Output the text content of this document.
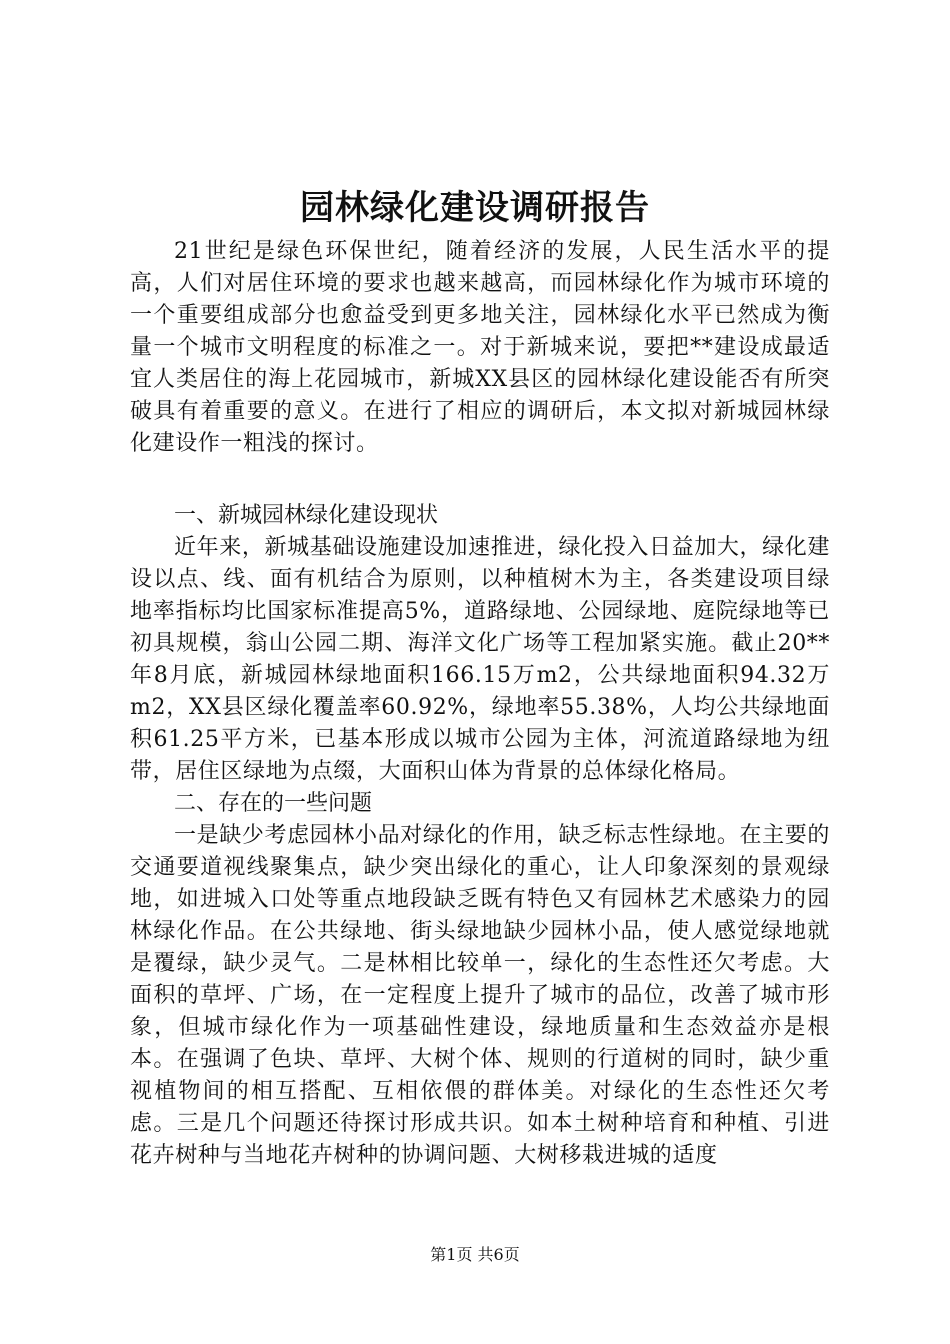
园林绿化建设调研报告

21世纪是绿色环保世纪，随着经济的发展，人民生活水平的提高，人们对居住环境的要求也越来越高，而园林绿化作为城市环境的一个重要组成部分也愈益受到更多地关注，园林绿化水平已然成为衡量一个城市文明程度的标准之一。对于新城来说，要把**建设成最适宜人类居住的海上花园城市，新城XX县区的园林绿化建设能否有所突破具有着重要的意义。在进行了相应的调研后，本文拟对新城园林绿化建设作一粗浅的探讨。

一、新城园林绿化建设现状

近年来，新城基础设施建设加速推进，绿化投入日益加大，绿化建设以点、线、面有机结合为原则，以种植树木为主，各类建设项目绿地率指标均比国家标准提高5%，道路绿地、公园绿地、庭院绿地等已初具规模，翁山公园二期、海洋文化广场等工程加紧实施。截止20**年8月底，新城园林绿地面积166.15万m2，公共绿地面积94.32万m2，XX县区绿化覆盖率60.92%，绿地率55.38%，人均公共绿地面积61.25平方米，已基本形成以城市公园为主体，河流道路绿地为纽带，居住区绿地为点缀，大面积山体为背景的总体绿化格局。

二、存在的一些问题

一是缺少考虑园林小品对绿化的作用，缺乏标志性绿地。在主要的交通要道视线聚集点，缺少突出绿化的重心，让人印象深刻的景观绿地，如进城入口处等重点地段缺乏既有特色又有园林艺术感染力的园林绿化作品。在公共绿地、街头绿地缺少园林小品，使人感觉绿地就是覆绿，缺少灵气。二是林相比较单一，绿化的生态性还欠考虑。大面积的草坪、广场，在一定程度上提升了城市的品位，改善了城市形象，但城市绿化作为一项基础性建设，绿地质量和生态效益亦是根本。在强调了色块、草坪、大树个体、规则的行道树的同时，缺少重视植物间的相互搭配、互相依偎的群体美。对绿化的生态性还欠考虑。三是几个问题还待探讨形成共识。如本土树种培育和种植、引进花卉树种与当地花卉树种的协调问题、大树移栽进城的适度

第1页 共6页
